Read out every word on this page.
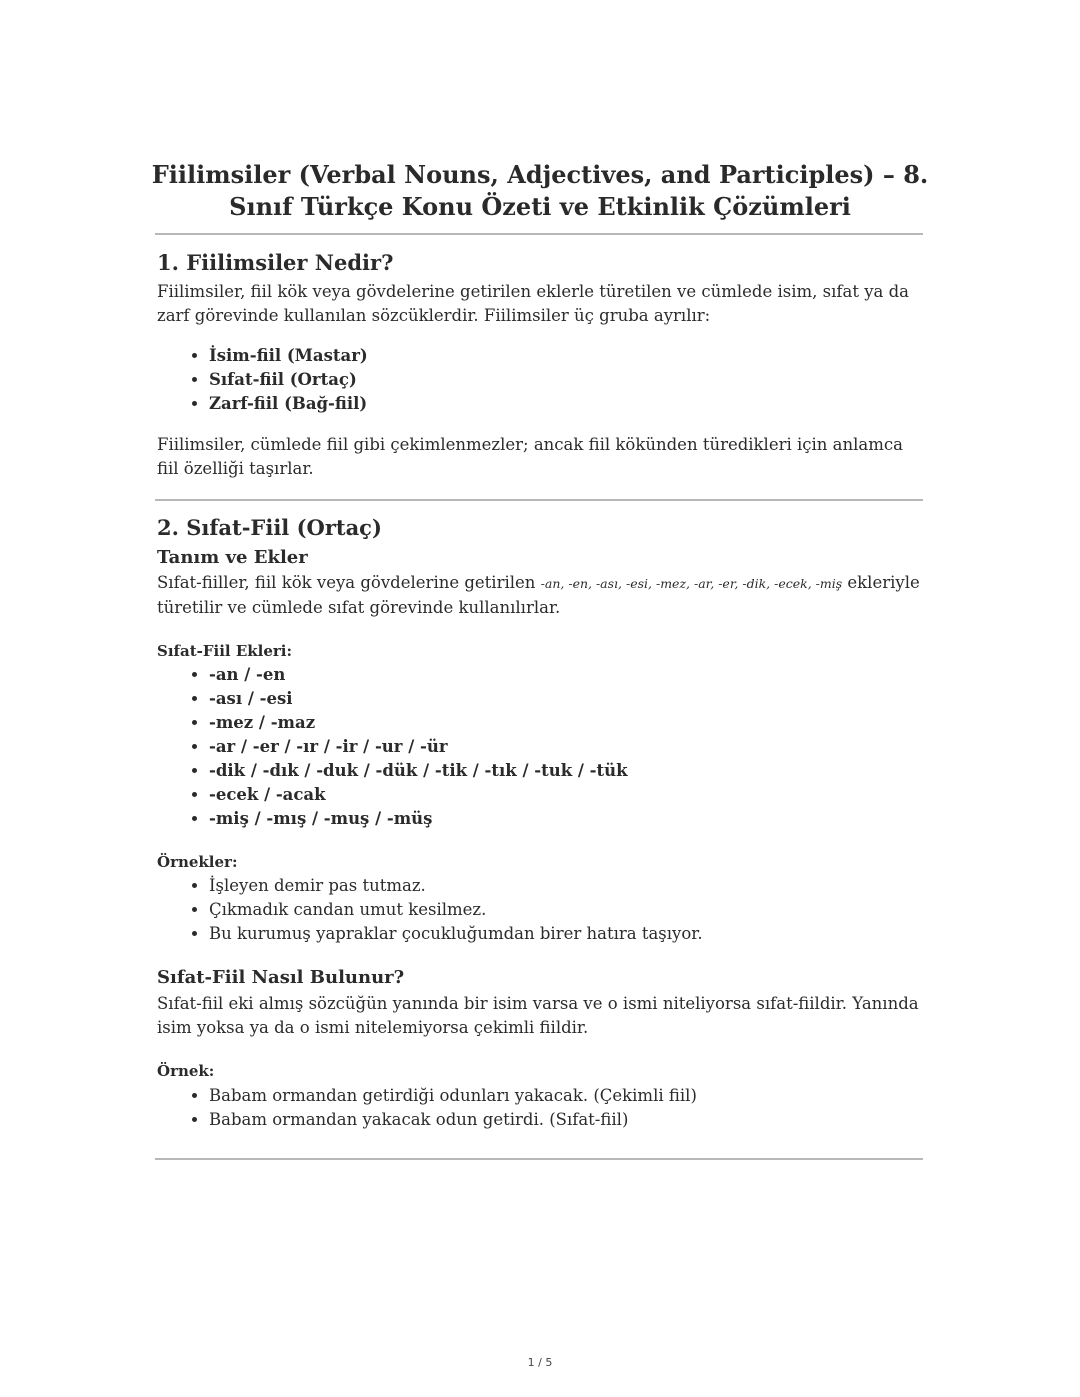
Fiilimsiler (Verbal Nouns, Adjectives, and Participles) – 8. Sınıf Türkçe Konu Özeti ve Etkinlik Çözümleri
1. Fiilimsiler Nedir?

Fiilimsiler, fiil kök veya gövdelerine getirilen eklerle türetilen ve cümlede isim, sıfat ya da zarf görevinde kullanılan sözcüklerdir. Fiilimsiler üç gruba ayrılır:

• İsim-fiil (Mastar)
• Sıfat-fiil (Ortaç)
• Zarf-fiil (Bağ-fiil)

Fiilimsiler, cümlede fiil gibi çekimlenmezler; ancak fiil kökünden türedikleri için anlamca fiil özelliği taşırlar.

2. Sıfat-Fiil (Ortaç)
Tanım ve Ekler

Sıfat-fiiller, fiil kök veya gövdelerine getirilen -an, -en, -ası, -esi, -mez, -ar, -er, -dik, -ecek, -miş ekleriyle türetilir ve cümlede sıfat görevinde kullanılırlar.

Sıfat-Fiil Ekleri:
• -an / -en
• -ası / -esi
• -mez / -maz
• -ar / -er / -ır / -ir / -ur / -ür
• -dik / -dık / -duk / -dük / -tik / -tık / -tuk / -tük
• -ecek / -acak
• -miş / -mış / -muş / -müş
Örnekler:
• İşleyen demir pas tutmaz.
• Çıkmadık candan umut kesilmez.
• Bu kurumuş yapraklar çocukluğumdan birer hatıra taşıyor.
Sıfat-Fiil Nasıl Bulunur?

Sıfat-fiil eki almış sözcüğün yanında bir isim varsa ve o ismi niteliyorsa sıfat-fiildir. Yanında isim yoksa ya da o ismi nitelemiyorsa çekimli fiildir.

Örnek:
• Babam ormandan getirdiği odunları yakacak. (Çekimli fiil)
• Babam ormandan yakacak odun getirdi. (Sıfat-fiil)
1 / 5
